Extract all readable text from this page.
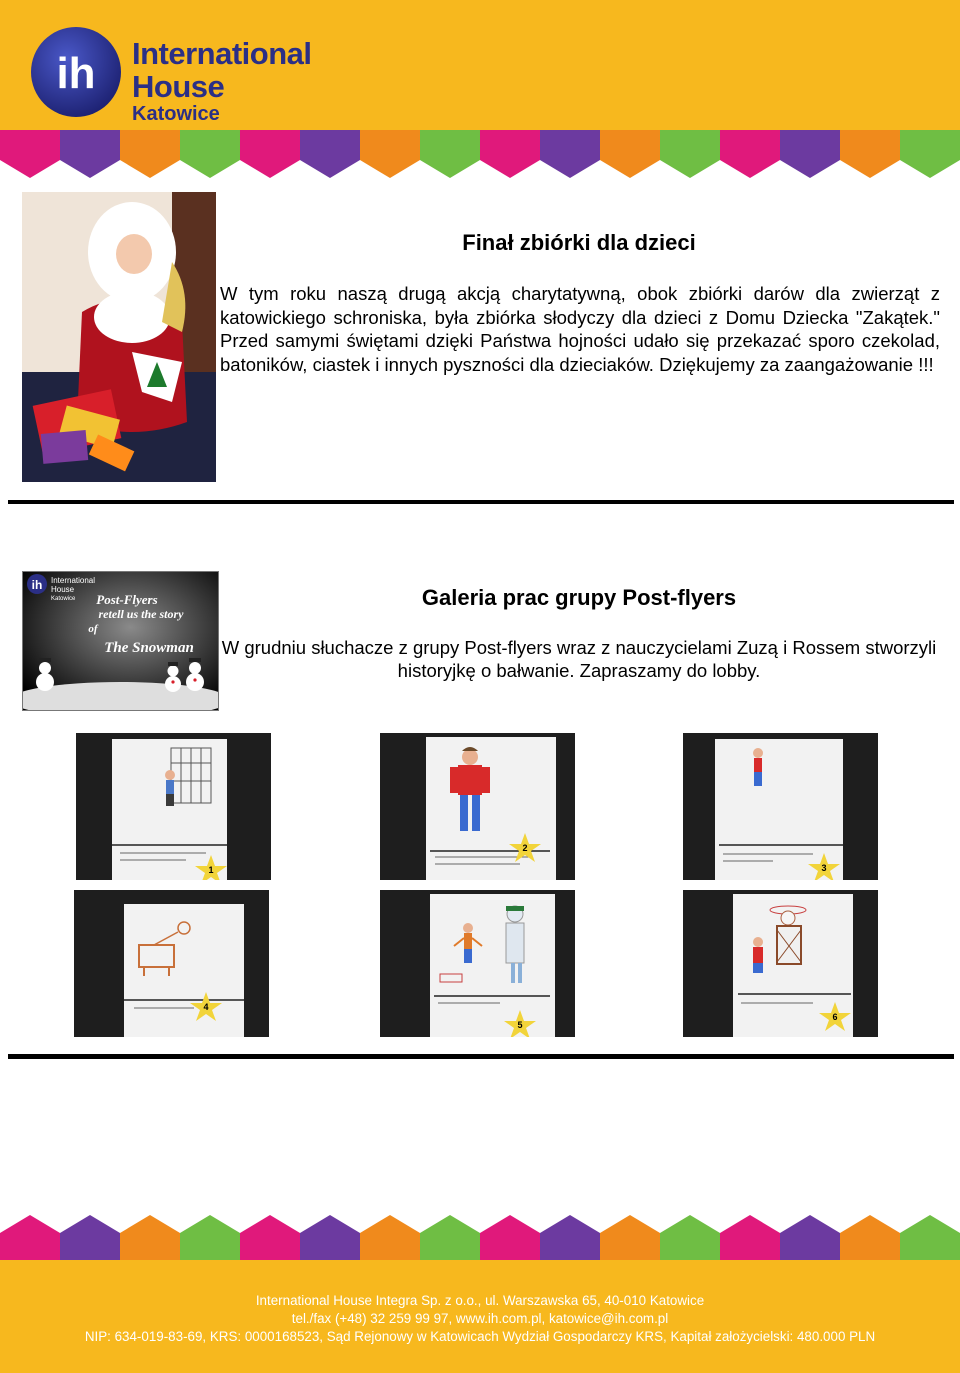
ih International
House
Katowice
Finał zbiórki dla dzieci
W tym roku naszą drugą akcją charytatywną, obok zbiórki darów dla zwierząt z katowickiego schroniska, była zbiórka słodyczy dla dzieci z Domu Dziecka "Zakątek." Przed samymi świętami dzięki Państwa hojności udało się przekazać sporo czekolad, batoników, ciastek i innych pyszności dla dzieciaków. Dziękujemy za zaangażowanie !!!
ih International
House
Katowice Post-Flyers
retell us the story
of
The Snowman
Galeria prac grupy Post-flyers
W grudniu słuchacze z grupy Post-flyers wraz z nauczycielami Zuzą i Rossem stworzyli historyjkę o bałwanie. Zapraszamy do lobby.
1
2
3
4
5
6
International House Integra Sp. z o.o., ul. Warszawska 65, 40-010 Katowice
tel./fax (+48) 32 259 99 97, www.ih.com.pl, katowice@ih.com.pl
NIP: 634-019-83-69, KRS: 0000168523, Sąd Rejonowy w Katowicach Wydział Gospodarczy KRS, Kapitał założycielski: 480.000 PLN
